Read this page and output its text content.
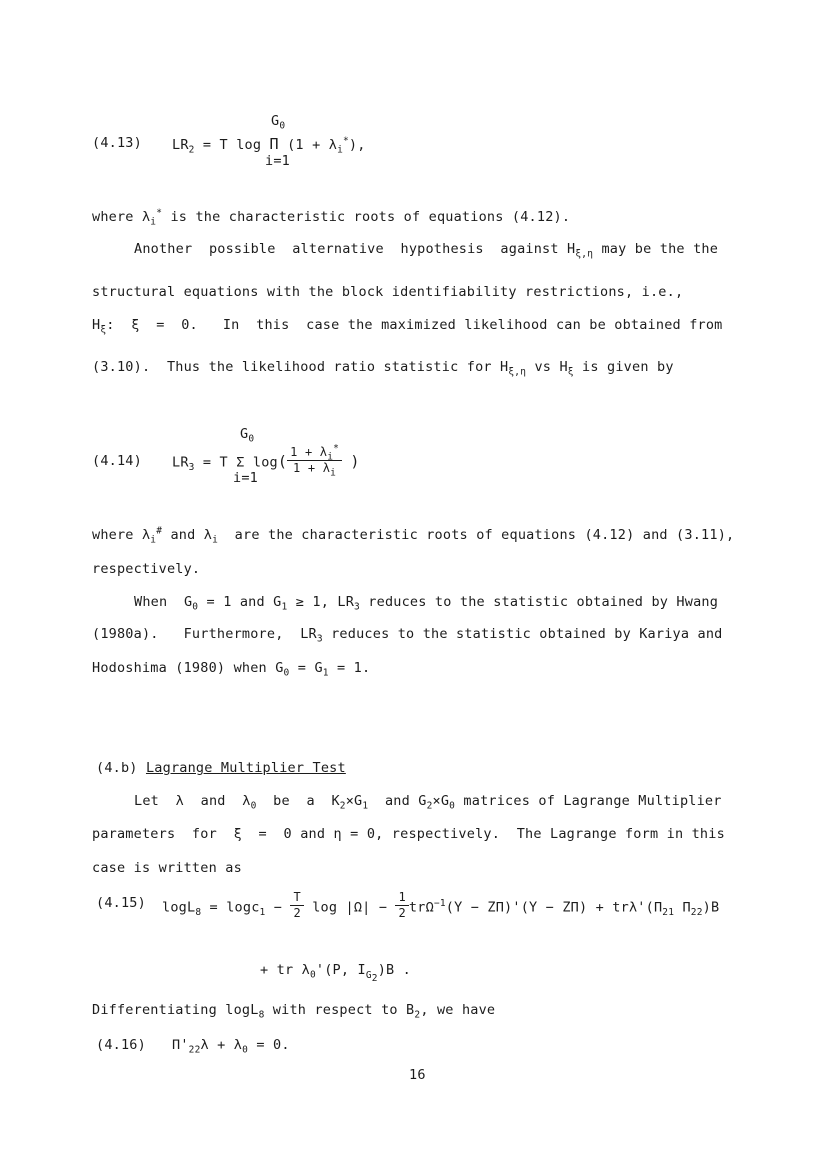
$G_0$
(4.13) $LR_2 = T$ log Π $(1 + \lambda_i^*)$,
i=1
where $\lambda_i^*$ is the characteristic roots of equations (4.12).
Another  possible  alternative  hypothesis  against $H_{\xi,\eta}$ may be the the
structural equations with the block identifiability restrictions, i.e.,
$H_\xi$:  ξ  =  0.   In  this  case the maximized likelihood can be obtained from
(3.10).  Thus the likelihood ratio statistic for $H_{\xi,\eta}$ vs $H_\xi$ is given by
$G_0$
(4.14) $LR_3 = T$ Σ $\log( \frac{1 + \lambda_i^*}{1 + \lambda_i}$ )
i=1
where $\lambda_i^{\#}$ and $\lambda_i$  are the characteristic roots of equations (4.12) and (3.11),
respectively.
When  $G_0 = 1$ and $G_1 \ge 1$, $LR_3$ reduces to the statistic obtained by Hwang
(1980a).   Furthermore,  $LR_3$ reduces to the statistic obtained by Kariya and
Hodoshima (1980) when $G_0 = G_1 = 1$.
(4.b) Lagrange Multiplier Test
Let  λ  and  $\lambda_0$  be  a  $K_2\times G_1$  and $G_2\times G_0$ matrices of Lagrange Multiplier
parameters  for  ξ  =  0 and η = 0, respectively.  The Lagrange form in this
case is written as
(4.15) $\log L_8 = \log c_1 - \frac{T}{2}$ $\log |\Omega| - \frac{1}{2} tr\Omega^{-1}(Y - Z\Pi)'(Y - Z\Pi) + tr\lambda'(\Pi_{21}$ $\Pi_{22})B$
+ tr $\lambda_0'(P$, $I_{G_2})B$ .
Differentiating logL$_8$ with respect to $B_2$, we have
(4.16) $\Pi'_{22}\lambda + \lambda_0 = 0$.
16
